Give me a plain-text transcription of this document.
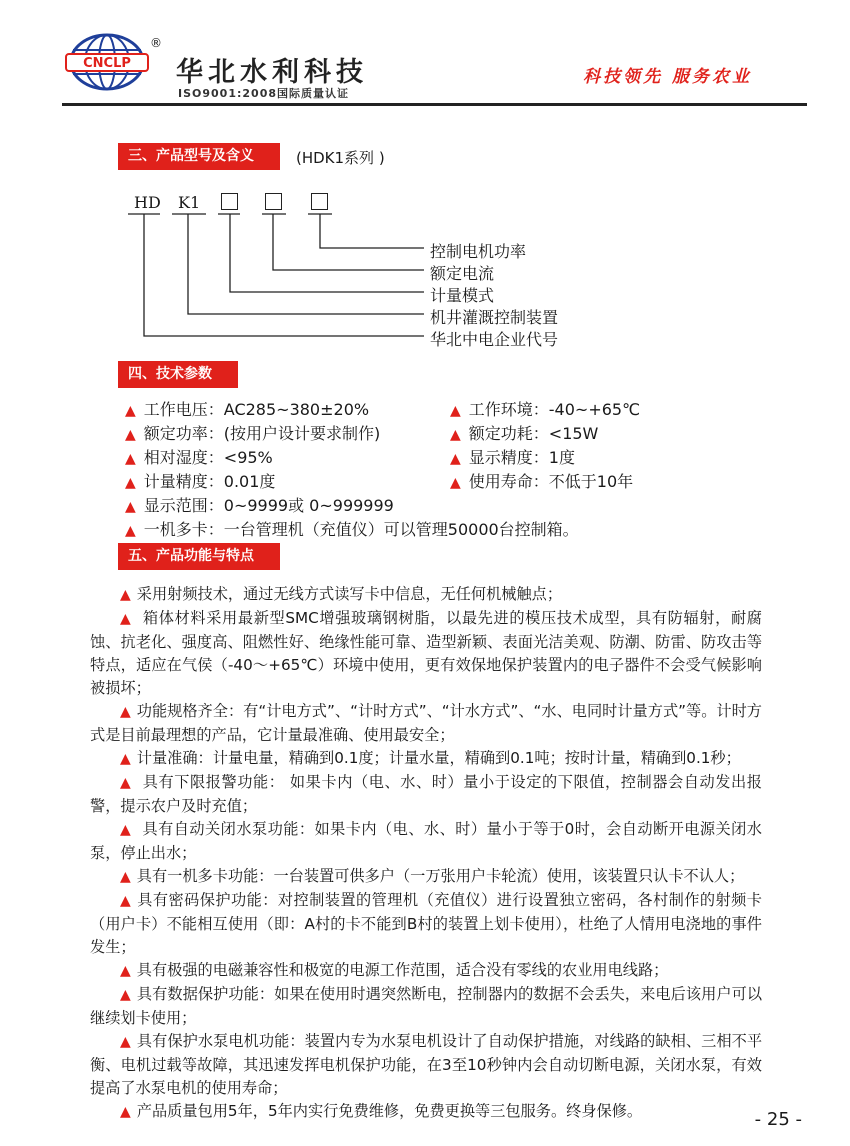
CNCLP
®
华北水利科技
ISO9001:2008国际质量认证
科技领先 服务农业
三、产品型号及含义	(HDK1系列 )
HD K1
控制电机功率
额定电流
计量模式
机井灌溉控制装置
华北中电企业代号
四、技术参数
▲ 工作电压：AC285~380±20%
▲ 额定功率：(按用户设计要求制作)
▲ 相对湿度：<95%
▲ 计量精度：0.01度
▲ 显示范围：0~9999或 0~999999
▲ 一机多卡：一台管理机（充值仪）可以管理50000台控制箱。
▲ 工作环境：-40~+65℃
▲ 额定功耗：<15W
▲ 显示精度：1度
▲ 使用寿命：不低于10年
五、产品功能与特点

▲ 采用射频技术，通过无线方式读写卡中信息，无任何机械触点；

▲ 箱体材料采用最新型SMC增强玻璃钢树脂，以最先进的模压技术成型，具有防辐射，耐腐蚀、抗老化、强度高、阻燃性好、绝缘性能可靠、造型新颖、表面光洁美观、防潮、防雷、防攻击等特点，适应在气侯（-40～+65℃）环境中使用，更有效保地保护装置内的电子器件不会受气候影响被损坏；

▲ 功能规格齐全：有“计电方式”、“计时方式”、“计水方式”、“水、电同时计量方式”等。计时方式是目前最理想的产品，它计量最准确、使用最安全；

▲ 计量准确：计量电量，精确到0.1度；计量水量，精确到0.1吨；按时计量，精确到0.1秒；

▲ 具有下限报警功能： 如果卡内（电、水、时）量小于设定的下限值，控制器会自动发出报警，提示农户及时充值；

▲ 具有自动关闭水泵功能：如果卡内（电、水、时）量小于等于0时，会自动断开电源关闭水泵，停止出水；

▲ 具有一机多卡功能：一台装置可供多户（一万张用户卡轮流）使用，该装置只认卡不认人；

▲ 具有密码保护功能：对控制装置的管理机（充值仪）进行设置独立密码，各村制作的射频卡（用户卡）不能相互使用（即：A村的卡不能到B村的装置上划卡使用），杜绝了人情用电浇地的事件发生；

▲ 具有极强的电磁兼容性和极宽的电源工作范围，适合没有零线的农业用电线路；

▲ 具有数据保护功能：如果在使用时遇突然断电，控制器内的数据不会丢失，来电后该用户可以继续划卡使用；

▲ 具有保护水泵电机功能：装置内专为水泵电机设计了自动保护措施，对线路的缺相、三相不平衡、电机过载等故障，其迅速发挥电机保护功能，在3至10秒钟内会自动切断电源，关闭水泵，有效提高了水泵电机的使用寿命；

▲ 产品质量包用5年，5年内实行免费维修，免费更换等三包服务。终身保修。	- 25 -
